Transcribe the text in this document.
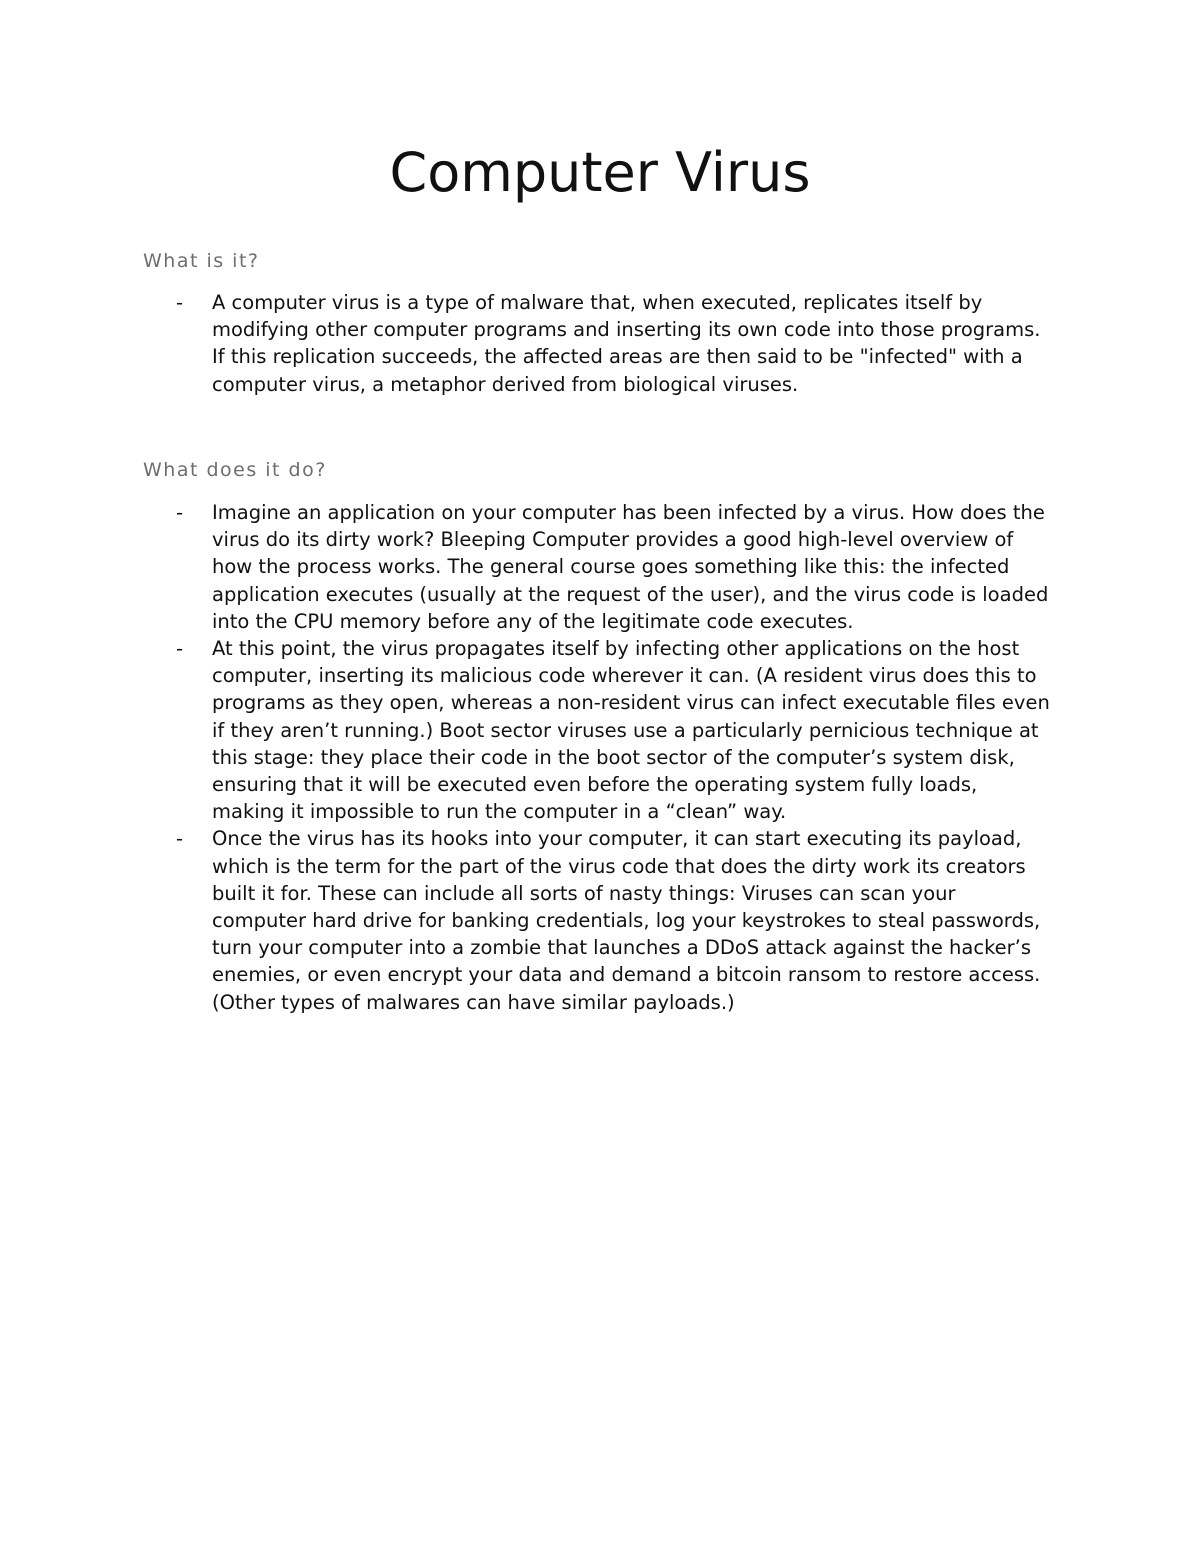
Computer Virus
What is it?
-	A computer virus is a type of malware that, when executed, replicates itself by modifying other computer programs and inserting its own code into those programs. If this replication succeeds, the affected areas are then said to be "infected" with a computer virus, a metaphor derived from biological viruses.
What does it do?
-	Imagine an application on your computer has been infected by a virus. How does the virus do its dirty work? Bleeping Computer provides a good high-level overview of how the process works. The general course goes something like this: the infected application executes (usually at the request of the user), and the virus code is loaded into the CPU memory before any of the legitimate code executes.
-	At this point, the virus propagates itself by infecting other applications on the host computer, inserting its malicious code wherever it can. (A resident virus does this to programs as they open, whereas a non-resident virus can infect executable files even if they aren’t running.) Boot sector viruses use a particularly pernicious technique at this stage: they place their code in the boot sector of the computer’s system disk, ensuring that it will be executed even before the operating system fully loads, making it impossible to run the computer in a “clean” way.
-	Once the virus has its hooks into your computer, it can start executing its payload, which is the term for the part of the virus code that does the dirty work its creators built it for. These can include all sorts of nasty things: Viruses can scan your computer hard drive for banking credentials, log your keystrokes to steal passwords, turn your computer into a zombie that launches a DDoS attack against the hacker’s enemies, or even encrypt your data and demand a bitcoin ransom to restore access. (Other types of malwares can have similar payloads.)
